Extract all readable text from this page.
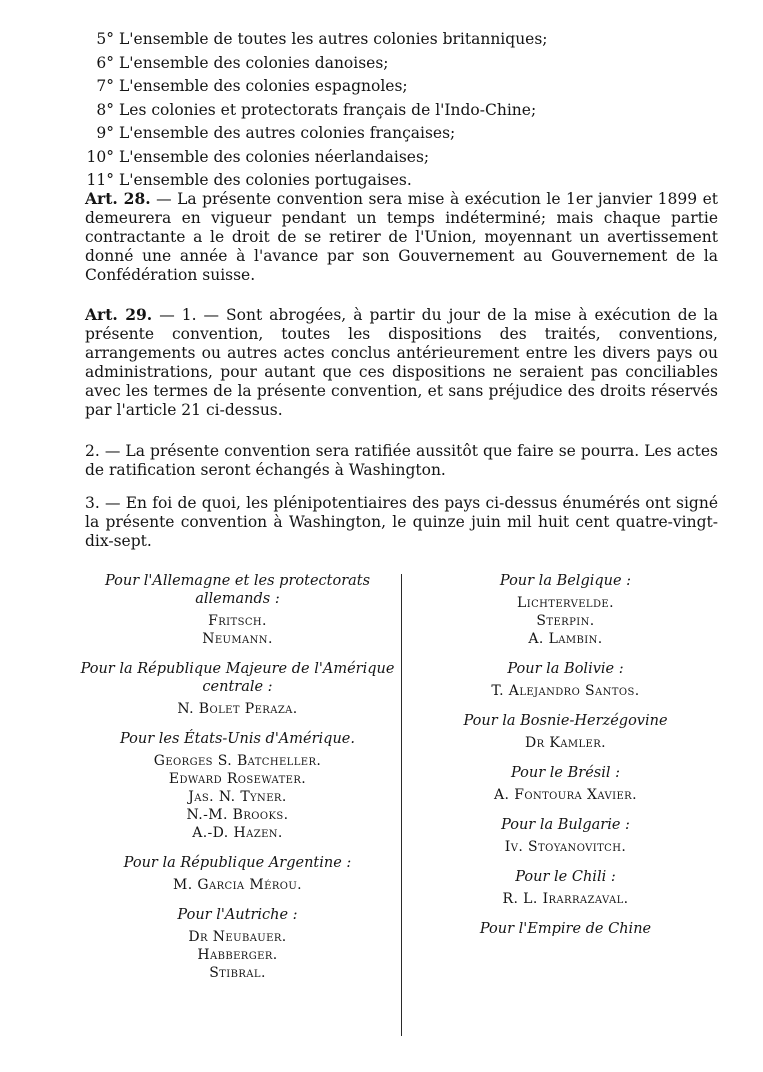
5° L'ensemble de toutes les autres colonies britanniques;
6° L'ensemble des colonies danoises;
7° L'ensemble des colonies espagnoles;
8° Les colonies et protectorats français de l'Indo-Chine;
9° L'ensemble des autres colonies françaises;
10° L'ensemble des colonies néerlandaises;
11° L'ensemble des colonies portugaises.

Art. 28. — La présente convention sera mise à exécution le 1er janvier 1899 et demeurera en vigueur pendant un temps indéterminé; mais chaque partie contractante a le droit de se retirer de l'Union, moyennant un avertissement donné une année à l'avance par son Gouvernement au Gouvernement de la Confédération suisse.

Art. 29. — 1. — Sont abrogées, à partir du jour de la mise à exécution de la présente convention, toutes les dispositions des traités, conventions, arrangements ou autres actes conclus antérieurement entre les divers pays ou administrations, pour autant que ces dispositions ne seraient pas conciliables avec les termes de la présente convention, et sans préjudice des droits réservés par l'article 21 ci-dessus.

2. — La présente convention sera ratifiée aussitôt que faire se pourra. Les actes de ratification seront échangés à Washington.

3. — En foi de quoi, les plénipotentiaires des pays ci-dessus énumérés ont signé la présente convention à Washington, le quinze juin mil huit cent quatre-vingt-dix-sept.

Pour l'Allemagne et les protectorats allemands :
Fritsch.
Neumann.
Pour la République Majeure de l'Amérique centrale :
N. Bolet Peraza.
Pour les États-Unis d'Amérique.
Georges S. Batcheller.
Edward Rosewater.
Jas. N. Tyner.
N.-M. Brooks.
A.-D. Hazen.
Pour la République Argentine :
M. Garcia Mérou.
Pour l'Autriche :
Dr Neubauer.
Habberger.
Stibral.
Pour la Belgique :
Lichtervelde.
Sterpin.
A. Lambin.
Pour la Bolivie :
T. Alejandro Santos.
Pour la Bosnie-Herzégovine
Dr Kamler.
Pour le Brésil :
A. Fontoura Xavier.
Pour la Bulgarie :
Iv. Stoyanovitch.
Pour le Chili :
R. L. Irarrazaval.
Pour l'Empire de Chine
